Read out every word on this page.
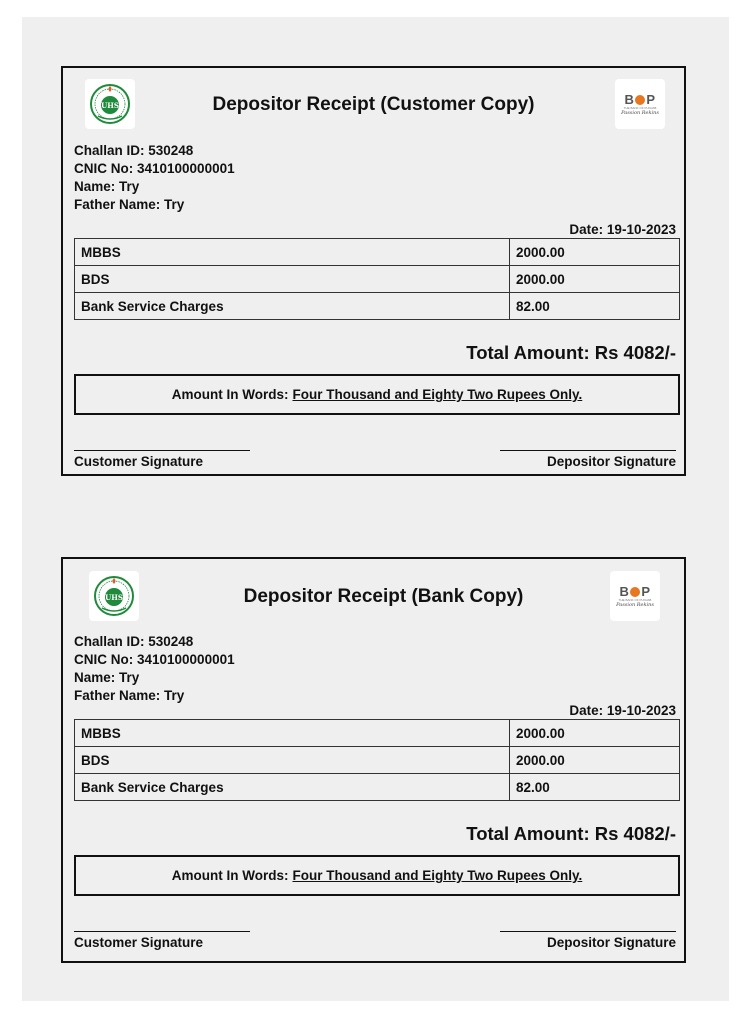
UHS	Depositor Receipt (Customer Copy)	B P
THE BANK OF PUNJAB
Passion Rekins
Challan ID: 530248
CNIC No: 3410100000001
Name: Try
Father Name: Try
Date: 19-10-2023
MBBS	2000.00
BDS	2000.00
Bank Service Charges	82.00
Total Amount: Rs 4082/-
Amount In Words: Four Thousand and Eighty Two Rupees Only.
Customer Signature	Depositor Signature
UHS	Depositor Receipt (Bank Copy)	B P
THE BANK OF PUNJAB
Passion Rekins
Challan ID: 530248
CNIC No: 3410100000001
Name: Try
Father Name: Try
Date: 19-10-2023
MBBS	2000.00
BDS	2000.00
Bank Service Charges	82.00
Total Amount: Rs 4082/-
Amount In Words: Four Thousand and Eighty Two Rupees Only.
Customer Signature	Depositor Signature
